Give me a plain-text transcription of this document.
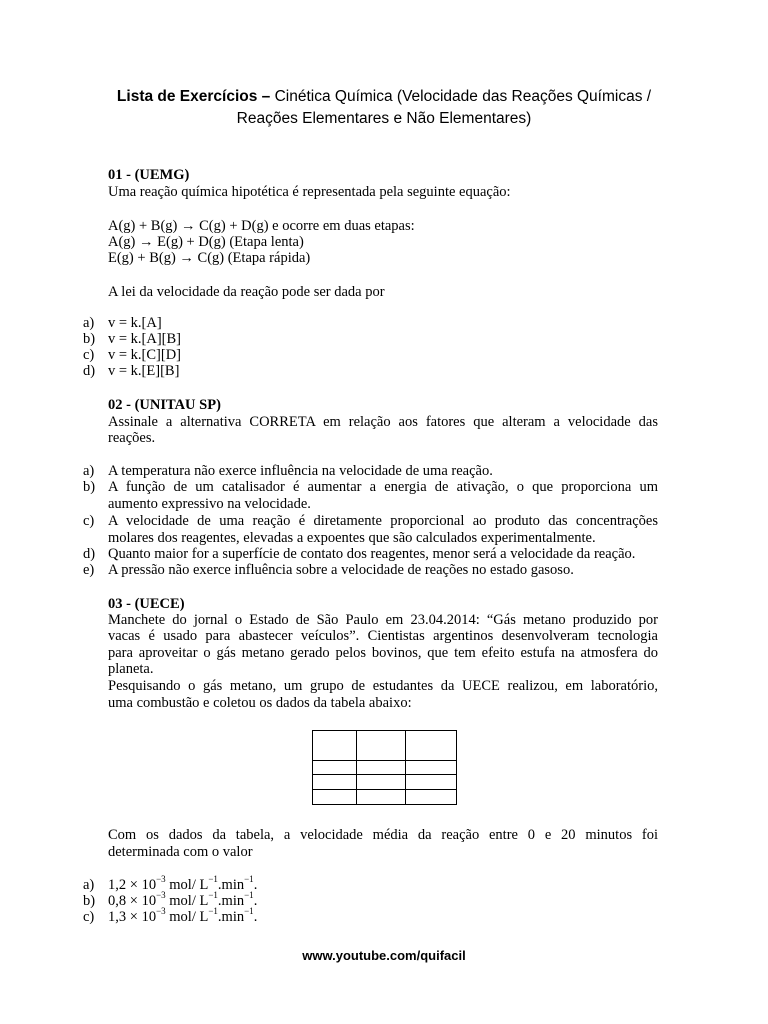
Lista de Exercícios – Cinética Química (Velocidade das Reações Químicas /
Reações Elementares e Não Elementares)
01 - (UEMG)
Uma reação química hipotética é representada pela seguinte equação:
A(g) + B(g) → C(g) + D(g) e ocorre em duas etapas:
A(g) → E(g) + D(g) (Etapa lenta)
E(g) + B(g) → C(g) (Etapa rápida)
A lei da velocidade da reação pode ser dada por
a) v = k.[A]
b) v = k.[A][B]
c) v = k.[C][D]
d) v = k.[E][B]
02 - (UNITAU SP)
Assinale a alternativa CORRETA em relação aos fatores que alteram a velocidade das
reações.
a) A temperatura não exerce influência na velocidade de uma reação.
b) A função de um catalisador é aumentar a energia de ativação, o que proporciona um
aumento expressivo na velocidade.
c) A velocidade de uma reação é diretamente proporcional ao produto das concentrações
molares dos reagentes, elevadas a expoentes que são calculados experimentalmente.
d) Quanto maior for a superfície de contato dos reagentes, menor será a velocidade da reação.
e) A pressão não exerce influência sobre a velocidade de reações no estado gasoso.
03 - (UECE)
Manchete do jornal o Estado de São Paulo em 23.04.2014: “Gás metano produzido por
vacas é usado para abastecer veículos”. Cientistas argentinos desenvolveram tecnologia
para aproveitar o gás metano gerado pelos bovinos, que tem efeito estufa na atmosfera do
planeta.
Pesquisando o gás metano, um grupo de estudantes da UECE realizou, em laboratório,
uma combustão e coletou os dados da tabela abaixo:

Com os dados da tabela, a velocidade média da reação entre 0 e 20 minutos foi
determinada com o valor
a) $1,2 \times 10^{-3}$ mol/ $L^{-1}.\min^{-1}$.
b) $0,8 \times 10^{-3}$ mol/ $L^{-1}.\min^{-1}$.
c) $1,3 \times 10^{-3}$ mol/ $L^{-1}.\min^{-1}$.
www.youtube.com/quifacil
